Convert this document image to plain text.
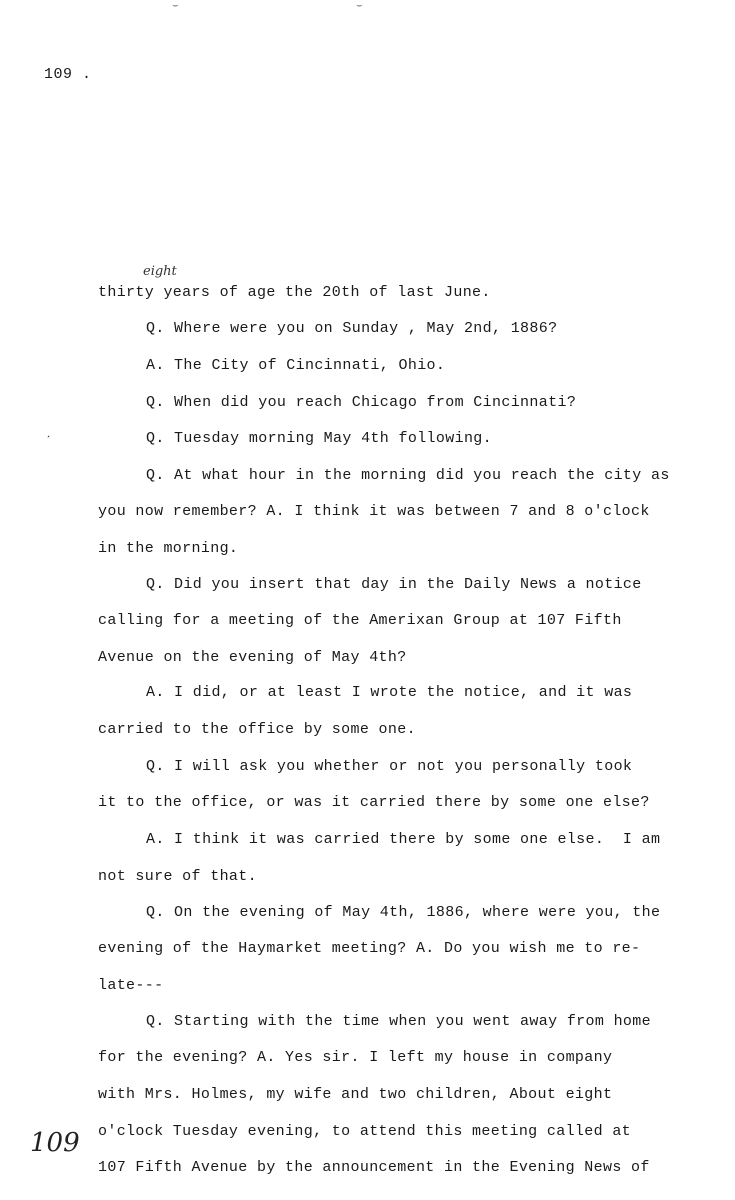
⌣	⌣
109 .
eight
ˏ
thirty years of age the 20th of last June.
Q. Where were you on Sunday , May 2nd, 1886?
A. The City of Cincinnati, Ohio.
Q. When did you reach Chicago from Cincinnati?
Q. Tuesday morning May 4th following.
Q. At what hour in the morning did you reach the city as
you now remember? A. I think it was between 7 and 8 o'clock
in the morning.
Q. Did you insert that day in the Daily News a notice
calling for a meeting of the Amerixan Group at 107 Fifth
Avenue on the evening of May 4th?
A. I did, or at least I wrote the notice, and it was
carried to the office by some one.
Q. I will ask you whether or not you personally took
it to the office, or was it carried there by some one else?
A. I think it was carried there by some one else.  I am
not sure of that.
Q. On the evening of May 4th, 1886, where were you, the
evening of the Haymarket meeting? A. Do you wish me to re-
late---
Q. Starting with the time when you went away from home
for the evening? A. Yes sir. I left my house in company
with Mrs. Holmes, my wife and two children, About eight
o'clock Tuesday evening, to attend this meeting called at
107 Fifth Avenue by the announcement in the Evening News of
109
